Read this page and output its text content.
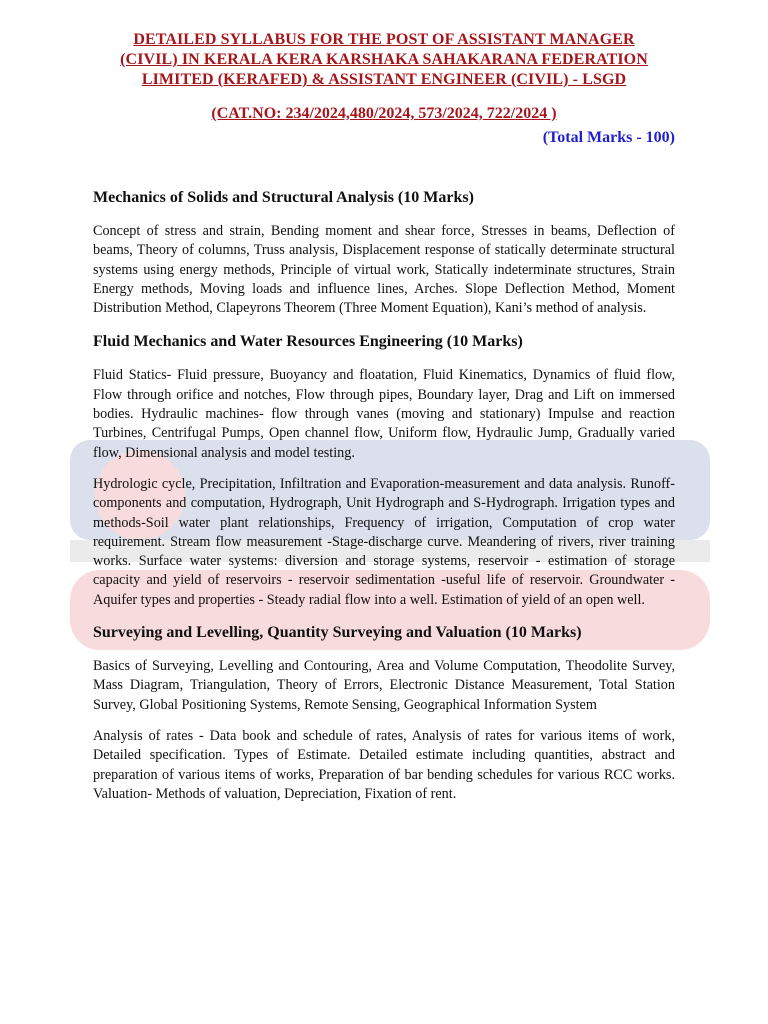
DETAILED SYLLABUS FOR THE POST OF ASSISTANT MANAGER
(CIVIL) IN KERALA KERA KARSHAKA SAHAKARANA FEDERATION
LIMITED (KERAFED) & ASSISTANT ENGINEER (CIVIL) - LSGD
(CAT.NO: 234/2024,480/2024, 573/2024, 722/2024 )
(Total Marks - 100)

Mechanics of Solids and Structural Analysis (10 Marks)

Concept of stress and strain, Bending moment and shear force‚ Stresses in beams, Deflection of beams, Theory of columns, Truss analysis, Displacement response of statically determinate structural systems using energy methods, Principle of virtual work, Statically indeterminate structures, Strain Energy methods, Moving loads and influence lines, Arches. Slope Deflection Method, Moment Distribution Method, Clapeyrons Theorem (Three Moment Equation), Kani’s method of analysis.

Fluid Mechanics and Water Resources Engineering (10 Marks)

Fluid Statics- Fluid pressure, Buoyancy and floatation, Fluid Kinematics, Dynamics of fluid flow, Flow through orifice and notches, Flow through pipes, Boundary layer, Drag and Lift on immersed bodies. Hydraulic machines- flow through vanes (moving and stationary) Impulse and reaction Turbines, Centrifugal Pumps, Open channel flow, Uniform flow, Hydraulic Jump, Gradually varied flow, Dimensional analysis and model testing.

Hydrologic cycle, Precipitation, Infiltration and Evaporation-measurement and data analysis. Runoff-components and computation, Hydrograph, Unit Hydrograph and S-Hydrograph. Irrigation types and methods-Soil water plant relationships, Frequency of irrigation, Computation of crop water requirement. Stream flow measurement -Stage-discharge curve. Meandering of rivers, river training works. Surface water systems: diversion and storage systems, reservoir - estimation of storage capacity and yield of reservoirs - reservoir sedimentation -useful life of reservoir. Groundwater - Aquifer types and properties - Steady radial flow into a well. Estimation of yield of an open well.

Surveying and Levelling, Quantity Surveying and Valuation (10 Marks)

Basics of Surveying, Levelling and Contouring, Area and Volume Computation, Theodolite Survey, Mass Diagram, Triangulation, Theory of Errors, Electronic Distance Measurement, Total Station Survey, Global Positioning Systems, Remote Sensing, Geographical Information System

Analysis of rates - Data book and schedule of rates, Analysis of rates for various items of work, Detailed specification. Types of Estimate. Detailed estimate including quantities, abstract and preparation of various items of works, Preparation of bar bending schedules for various RCC works. Valuation- Methods of valuation, Depreciation, Fixation of rent.
